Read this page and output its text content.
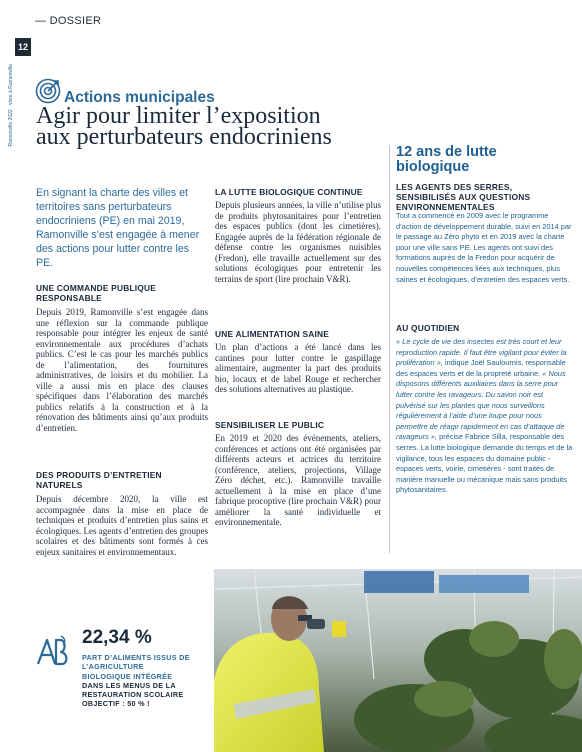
— DOSSIER
12
Ramonville 2022 · vivre à Ramonville	Actions municipales
Agir pour limiter l’exposition aux perturbateurs endocriniens
En signant la charte des villes et territoires sans perturbateurs endocriniens (PE) en mai 2019, Ramonville s’est engagée à mener des actions pour lutter contre les PE.
UNE COMMANDE PUBLIQUE RESPONSABLE
Depuis 2019, Ramonville s’est engagée dans une réflexion sur la commande publique responsable pour intégrer les enjeux de santé environnementale aux procédures d’achats publics. C’est le cas pour les marchés publics de l’alimentation, des fournitures administratives, de loisirs et du mobilier. La ville a aussi mis en place des clauses spécifiques dans l’élaboration des marchés publics relatifs à la construction et à la rénovation des bâtiments ainsi qu’aux produits d’entretien.
DES PRODUITS D’ENTRETIEN NATURELS
Depuis décembre 2020, la ville est accompagnée dans la mise en place de techniques et produits d’entretien plus sains et écologiques. Les agents d’entretien des groupes scolaires et des bâtiments sont formés à ces enjeux sanitaires et environnementaux.
LA LUTTE BIOLOGIQUE CONTINUE
Depuis plusieurs années, la ville n’utilise plus de produits phytosanitaires pour l’entretien des espaces publics (dont les cimetières). Engagée auprès de la fédération régionale de défense contre les organismes nuisibles (Fredon), elle travaille actuellement sur des solutions écologiques pour entretenir les terrains de sport (lire prochain V&R).
UNE ALIMENTATION SAINE
Un plan d’actions a été lancé dans les cantines pour lutter contre le gaspillage alimentaire, augmenter la part des produits bio, locaux et de label Rouge et rechercher des solutions alternatives au plastique.
SENSIBILISER LE PUBLIC
En 2019 et 2020 des événements, ateliers, conférences et actions ont été organisées par différents acteurs et actrices du territoire (conférence, ateliers, projections, Village Zéro déchet, etc.). Ramonville travaille actuellement à la mise en place d’une fabrique procoptive (lire prochain V&R) pour améliorer la santé individuelle et environnementale.
12 ans de lutte biologique
LES AGENTS DES SERRES, SENSIBILISÉS AUX QUESTIONS ENVIRONNEMENTALES
Tout a commencé en 2009 avec le programme d’action de développement durable, suivi en 2014 par le passage au Zéro phyto et en 2019 avec la charte pour une ville sans PE. Les agents ont suivi des formations auprès de la Fredon pour acquérir de nouvelles compétences liées aux techniques, plus saines et écologiques, d’entretien des espaces verts.
AU QUOTIDIEN
« Le cycle de vie des insectes est très court et leur reproduction rapide. Il faut être vigilant pour éviter la prolifération », indique Joël Saulournis, responsable des espaces verts et de la propreté urbaine. « Nous disposons différents auxiliaires dans la serre pour lutter contre les ravageurs. Du savon noir est pulvérisé sur les plantes que nous surveillons régulièrement à l’aide d’une loupe pour nous permettre de réagir rapidement en cas d’attaque de ravageurs », précise Fabrice Silla, responsable des serres. La lutte biologique demande du temps et de la vigilance, tous les espaces du domaine public - espaces verts, voirie, cimetières - sont traités de manière manuelle ou mécanique mais sans produits phytosanitaires.
22,34 %
PART D’ALIMENTS ISSUS DE L’AGRICULTURE BIOLOGIQUE INTÉGRÉE
DANS LES MENUS DE LA RESTAURATION SCOLAIRE
OBJECTIF : 50 % !
